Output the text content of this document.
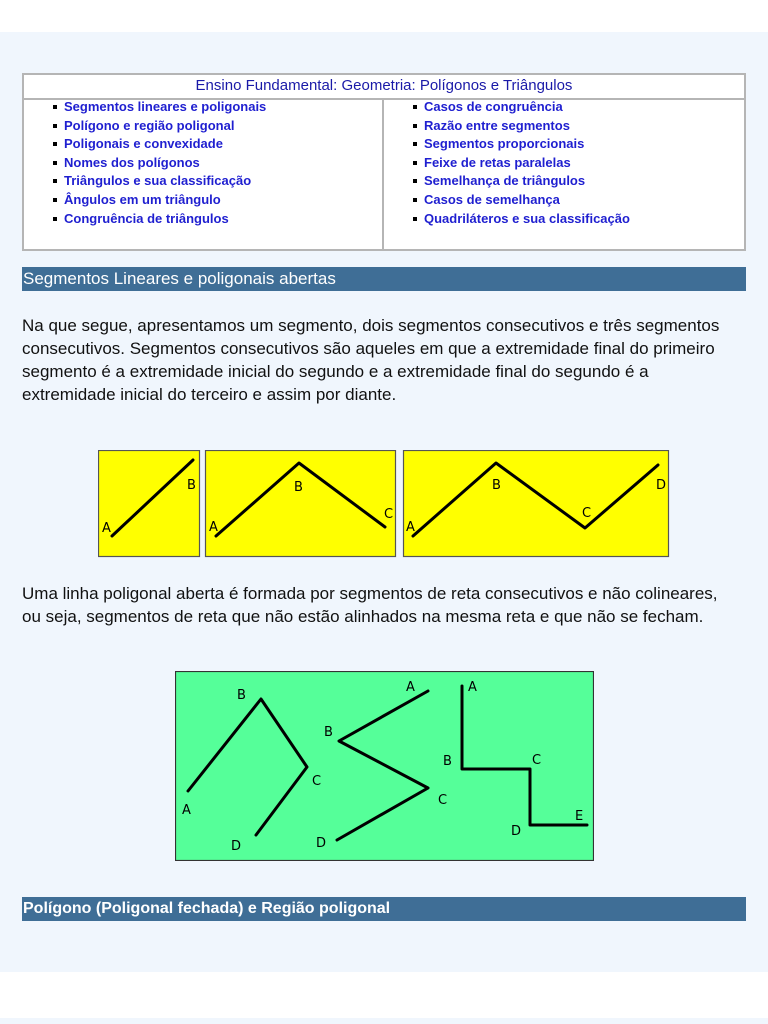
Ensino Fundamental: Geometria: Polígonos e Triângulos
Segmentos lineares e poligonais
Polígono e região poligonal
Poligonais e convexidade
Nomes dos polígonos
Triângulos e sua classificação
Ângulos em um triângulo
Congruência de triângulos
Casos de congruência
Razão entre segmentos
Segmentos proporcionais
Feixe de retas paralelas
Semelhança de triângulos
Casos de semelhança
Quadriláteros e sua classificação
Segmentos Lineares e poligonais abertas

Na que segue, apresentamos um segmento, dois segmentos consecutivos e três segmentos consecutivos. Segmentos consecutivos são aqueles em que a extremidade final do primeiro segmento é a extremidade inicial do segundo e a extremidade final do segundo é a extremidade inicial do terceiro e assim por diante.

A
B
A
B
C
A
B
C
D

Uma linha poligonal aberta é formada por segmentos de reta consecutivos e não colineares, ou seja, segmentos de reta que não estão alinhados na mesma reta e que não se fecham.

A
B
C
D
A
B
C
D
A
B	C
D
E
Polígono (Poligonal fechada) e Região poligonal
